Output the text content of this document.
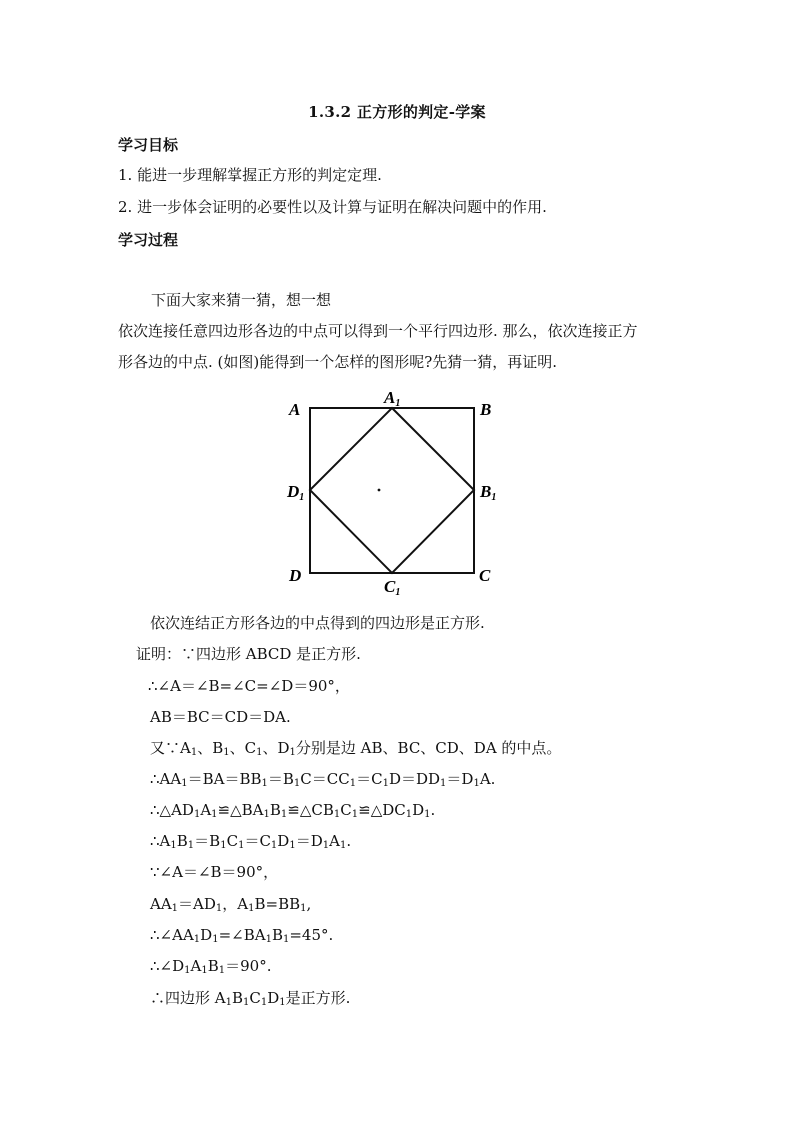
1.3.2 正方形的判定-学案
学习目标
1. 能进一步理解掌握正方形的判定定理.
2. 进一步体会证明的必要性以及计算与证明在解决问题中的作用.
学习过程
下面大家来猜一猜，想一想
依次连接任意四边形各边的中点可以得到一个平行四边形. 那么，依次连接正方
形各边的中点. (如图)能得到一个怎样的图形呢?先猜一猜，再证明.
A	B
C
D
A1
B1
C1
D1
依次连结正方形各边的中点得到的四边形是正方形.
证明：∵四边形 ABCD 是正方形.
∴∠A＝∠B=∠C=∠D＝90°，
AB＝BC＝CD＝DA.
又$\because A_1$、$B_1$、$C_1$、$D_1$分别是边 AB、BC、CD、DA 的中点。
$\therefore AA_1=BA=BB_1=B_1C=CC_1=C_1D=DD_1=D_1A$.
$\therefore\triangle AD_1A_1≌\triangle BA_1B_1≌\triangle CB_1C_1≌\triangle DC_1D_1$.
$\therefore A_1B_1=B_1C_1=C_1D_1=D_1A_1$.
∵∠A＝∠B＝90°，
$AA_1=AD_1$，$A_1B=BB_1$,
$\therefore\angle AA_1D_1=\angle BA_1B_1=45^\circ$.
$\therefore\angle D_1A_1B_1=90^\circ$.
∴四边形 $A_1B_1C_1D_1$是正方形.
